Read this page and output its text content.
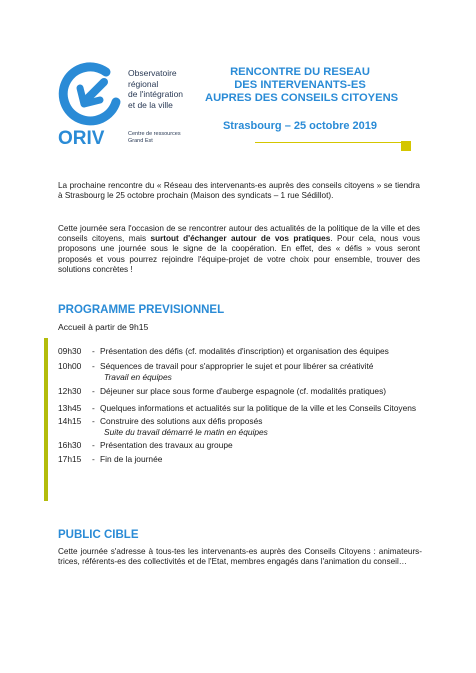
ORIV
Observatoire
régional
de l'intégration
et de la ville
Centre de ressources
Grand Est
RENCONTRE DU RESEAU
DES INTERVENANTS-ES
AUPRES DES CONSEILS CITOYENS
Strasbourg – 25 octobre 2019
La prochaine rencontre du « Réseau des intervenants-es auprès des conseils citoyens » se tiendra à Strasbourg le 25 octobre prochain (Maison des syndicats – 1 rue Sédillot).
Cette journée sera l'occasion de se rencontrer autour des actualités de la politique de la ville et des conseils citoyens, mais surtout d'échanger autour de vos pratiques. Pour cela, nous vous proposons une journée sous le signe de la coopération. En effet, des « défis » vous seront proposés et vous pourrez rejoindre l'équipe-projet de votre choix pour ensemble, trouver des solutions concrètes !
PROGRAMME PREVISIONNEL
Accueil à partir de 9h15
09h30	- Présentation des défis (cf. modalités d'inscription) et organisation des équipes
10h00	- Séquences de travail pour s'approprier le sujet et pour libérer sa créativité
Travail en équipes
12h30	- Déjeuner sur place sous forme d'auberge espagnole (cf. modalités pratiques)
13h45	- Quelques informations et actualités sur la politique de la ville et les Conseils Citoyens
14h15	- Construire des solutions aux défis proposés
Suite du travail démarré le matin en équipes
16h30	- Présentation des travaux au groupe
17h15	- Fin de la journée
PUBLIC CIBLE
Cette journée s'adresse à tous-tes les intervenants-es auprès des Conseils Citoyens : animateurs-trices, référents-es des collectivités et de l'Etat, membres engagés dans l'animation du conseil…
